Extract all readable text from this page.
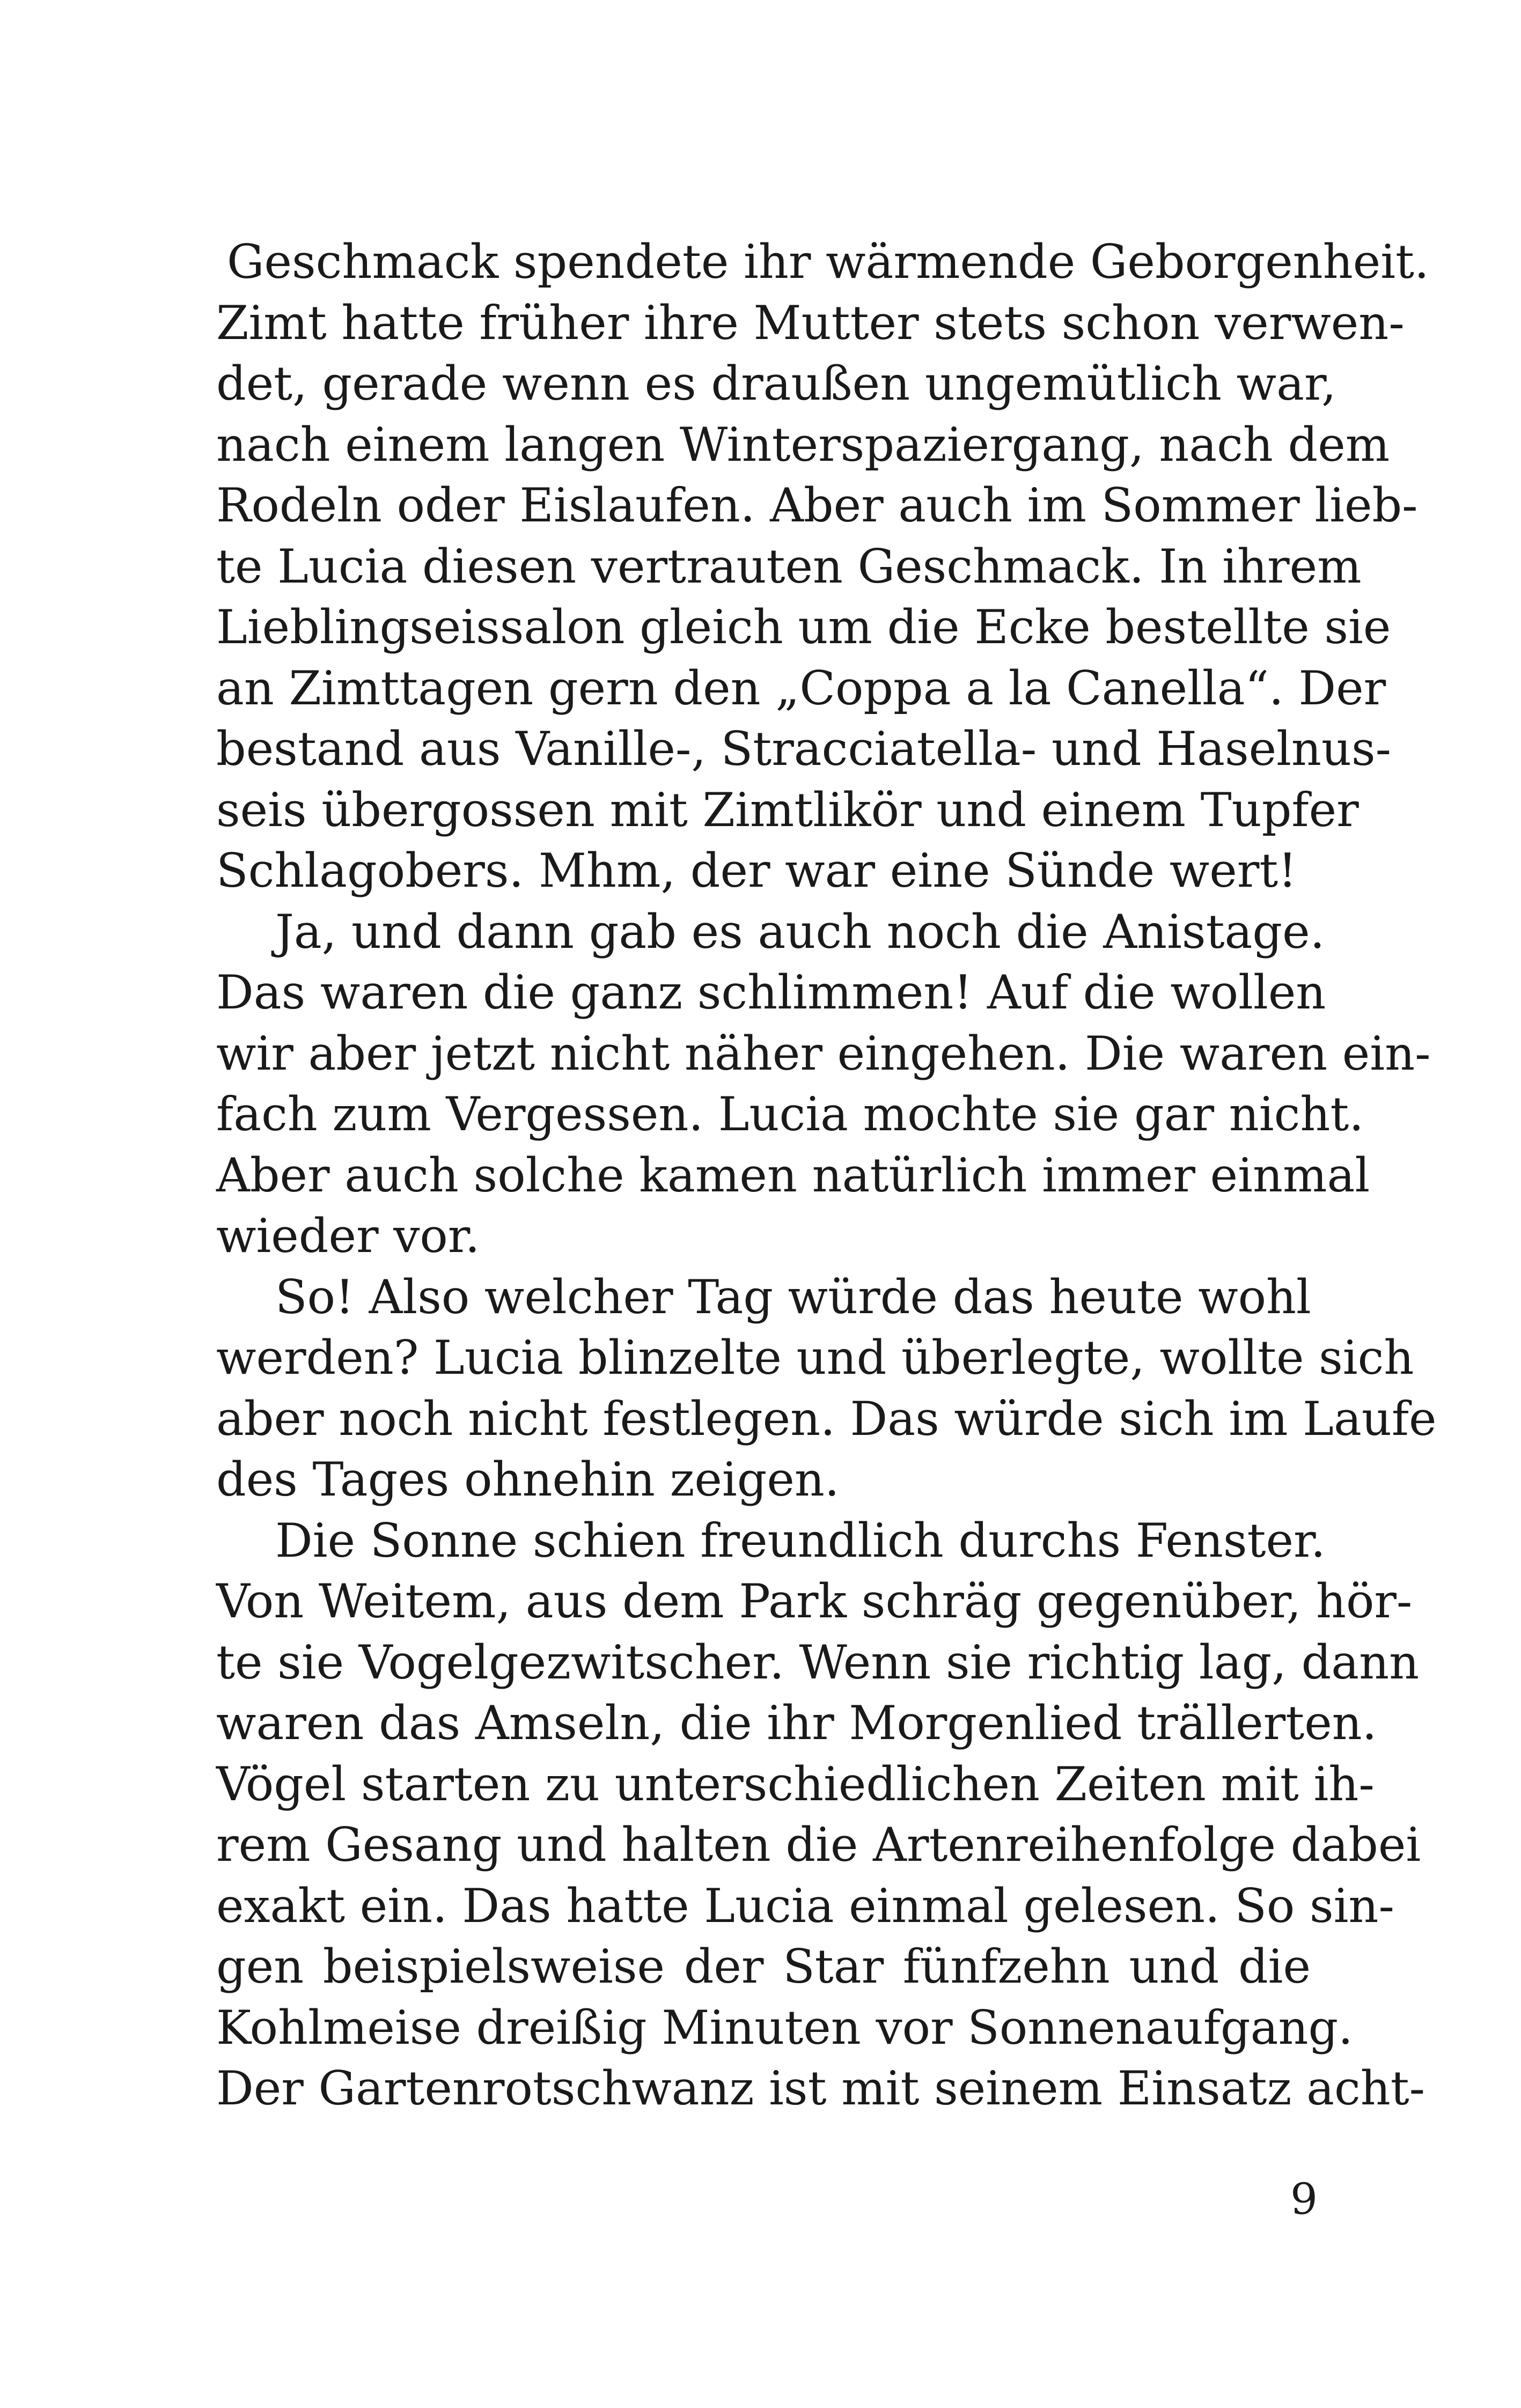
Geschmack spendete ihr wärmende Geborgenheit.
Zimt hatte früher ihre Mutter stets schon verwen-
det, gerade wenn es draußen ungemütlich war,
nach einem langen Winterspaziergang, nach dem
Rodeln oder Eislaufen. Aber auch im Sommer lieb-
te Lucia diesen vertrauten Geschmack. In ihrem
Lieblingseissalon gleich um die Ecke bestellte sie
an Zimttagen gern den „Coppa a la Canella“. Der
bestand aus Vanille-, Stracciatella- und Haselnus-
seis übergossen mit Zimtlikör und einem Tupfer
Schlagobers. Mhm, der war eine Sünde wert!
Ja, und dann gab es auch noch die Anistage.
Das waren die ganz schlimmen! Auf die wollen
wir aber jetzt nicht näher eingehen. Die waren ein-
fach zum Vergessen. Lucia mochte sie gar nicht.
Aber auch solche kamen natürlich immer einmal
wieder vor.
So! Also welcher Tag würde das heute wohl
werden? Lucia blinzelte und überlegte, wollte sich
aber noch nicht festlegen. Das würde sich im Laufe
des Tages ohnehin zeigen.
Die Sonne schien freundlich durchs Fenster.
Von Weitem, aus dem Park schräg gegenüber, hör-
te sie Vogelgezwitscher. Wenn sie richtig lag, dann
waren das Amseln, die ihr Morgenlied trällerten.
Vögel starten zu unterschiedlichen Zeiten mit ih-
rem Gesang und halten die Artenreihenfolge dabei
exakt ein. Das hatte Lucia einmal gelesen. So sin-
gen beispielsweise der Star fünfzehn und die
Kohlmeise dreißig Minuten vor Sonnenaufgang.
Der Gartenrotschwanz ist mit seinem Einsatz acht-
9
